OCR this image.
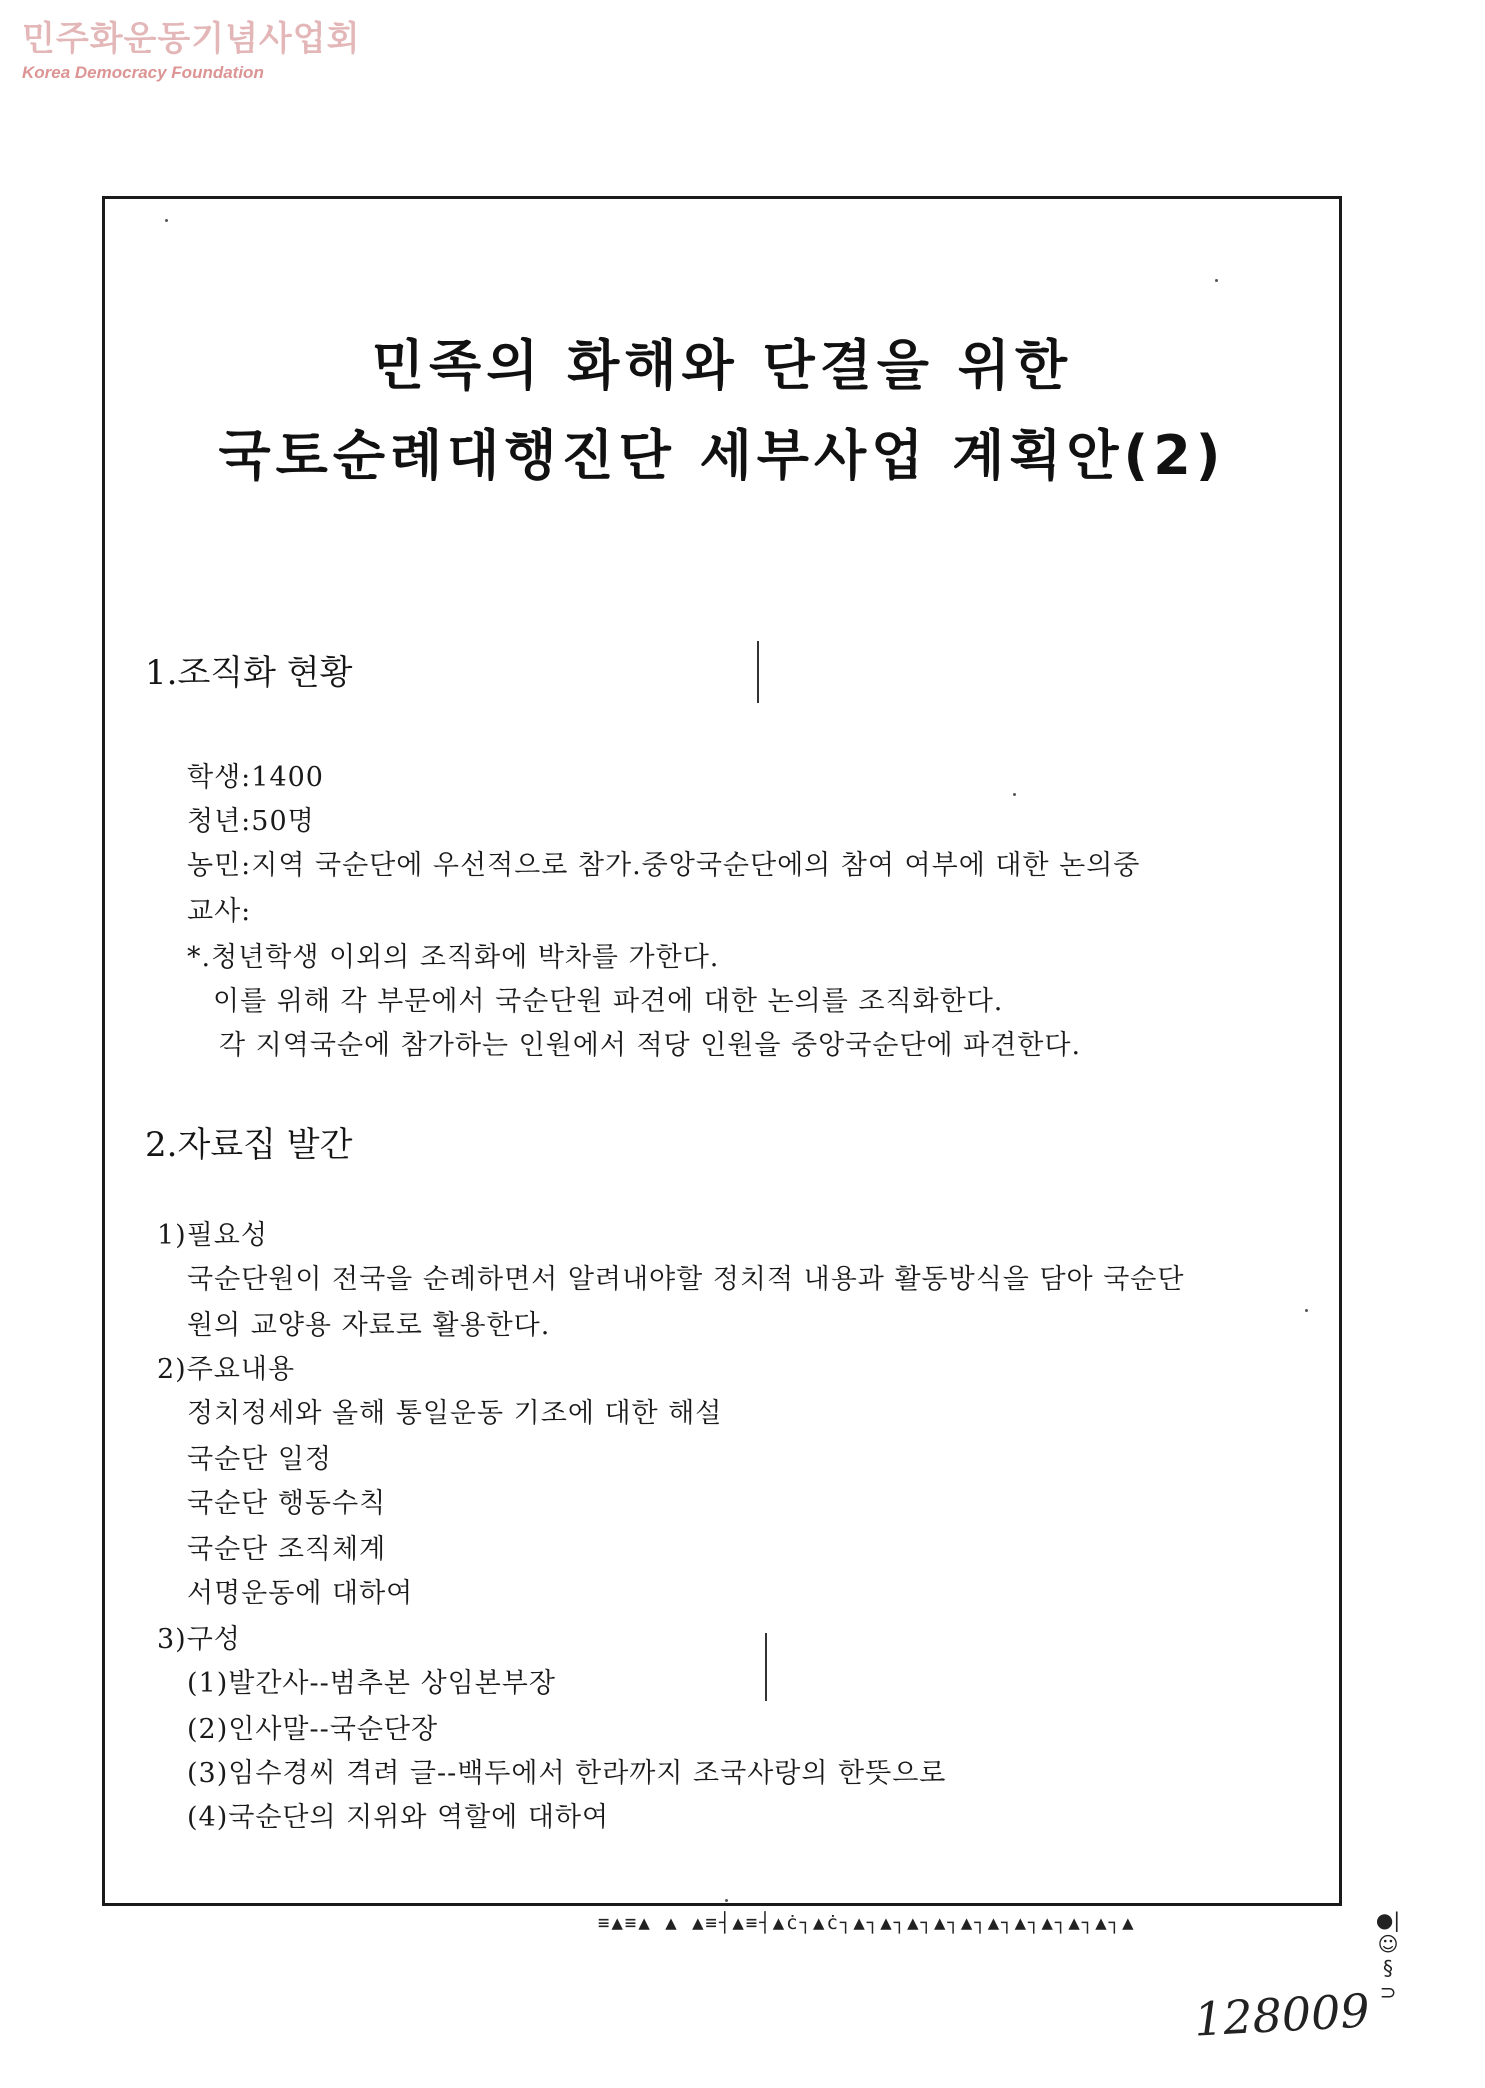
민주화운동기념사업회
Korea Democracy Foundation
민족의 화해와 단결을 위한
국토순례대행진단 세부사업 계획안(2)
1.조직화 현황
학생:1400
청년:50명
농민:지역 국순단에 우선적으로 참가.중앙국순단에의 참여 여부에 대한 논의중
교사:
*.청년학생 이외의 조직화에 박차를 가한다.
이를 위해 각 부문에서 국순단원 파견에 대한 논의를 조직화한다.
각 지역국순에 참가하는 인원에서 적당 인원을 중앙국순단에 파견한다.
2.자료집 발간
1)필요성
국순단원이 전국을 순례하면서 알려내야할 정치적 내용과 활동방식을 담아 국순단
원의 교양용 자료로 활용한다.
2)주요내용
정치정세와 올해 통일운동 기조에 대한 해설
국순단 일정
국순단 행동수칙
국순단 조직체계
서명운동에 대하여
3)구성
(1)발간사--범추본 상임본부장
(2)인사말--국순단장
(3)임수경씨 격려 글--백두에서 한라까지 조국사랑의 한뜻으로
(4)국순단의 지위와 역할에 대하여
≡▲≡▲ ▲ ▲≡┤▲≡┤▲ċ┐▲ċ┐▲┐▲┐▲┐▲┐▲┐▲┐▲┐▲┐▲┐▲┐▲	●|☺
§
⊃
128009
